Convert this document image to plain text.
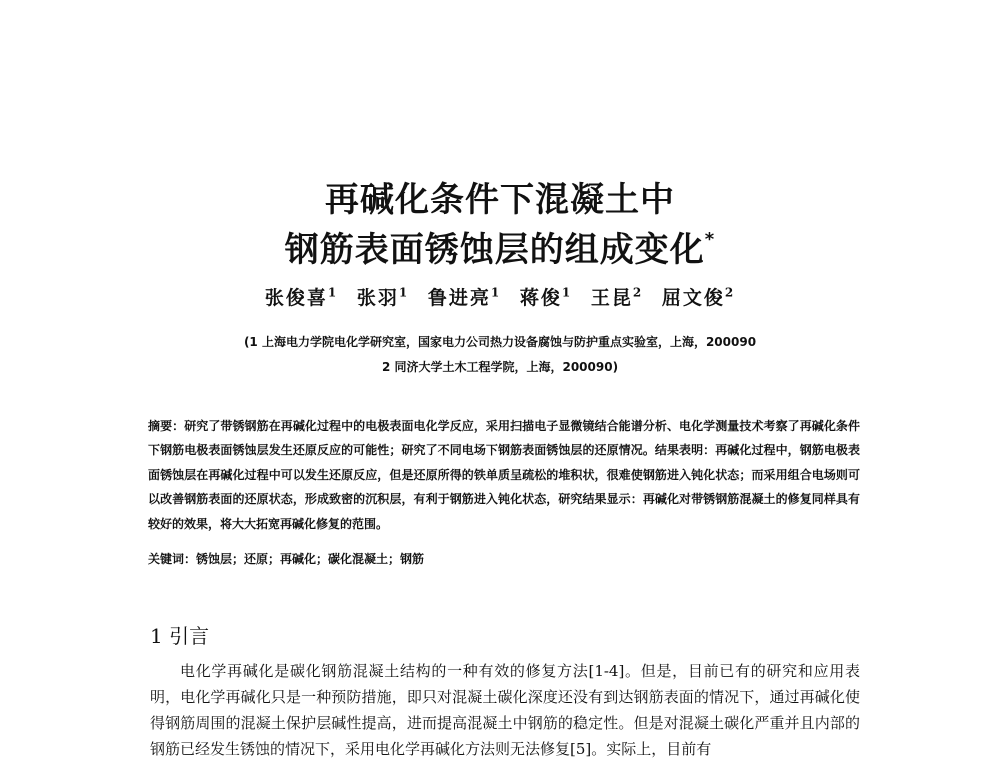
再碱化条件下混凝土中
钢筋表面锈蚀层的组成变化*
张俊喜$^1$ 张羽$^1$ 鲁进亮$^1$ 蒋俊$^1$ 王昆$^2$ 屈文俊$^2$
(1 上海电力学院电化学研究室，国家电力公司热力设备腐蚀与防护重点实验室，上海，200090
2 同济大学土木工程学院，上海，200090)
摘要：研究了带锈钢筋在再碱化过程中的电极表面电化学反应，采用扫描电子显微镜结合能谱分析、电化学测量技术考察了再碱化条件下钢筋电极表面锈蚀层发生还原反应的可能性；研究了不同电场下钢筋表面锈蚀层的还原情况。结果表明：再碱化过程中，钢筋电极表面锈蚀层在再碱化过程中可以发生还原反应，但是还原所得的铁单质呈疏松的堆积状，很难使钢筋进入钝化状态；而采用组合电场则可以改善钢筋表面的还原状态，形成致密的沉积层，有利于钢筋进入钝化状态，研究结果显示：再碱化对带锈钢筋混凝土的修复同样具有较好的效果，将大大拓宽再碱化修复的范围。
关键词：锈蚀层；还原；再碱化；碳化混凝土；钢筋
1 引言

电化学再碱化是碳化钢筋混凝土结构的一种有效的修复方法[1-4]。但是，目前已有的研究和应用表明，电化学再碱化只是一种预防措施，即只对混凝土碳化深度还没有到达钢筋表面的情况下，通过再碱化使得钢筋周围的混凝土保护层碱性提高，进而提高混凝土中钢筋的稳定性。但是对混凝土碳化严重并且内部的钢筋已经发生锈蚀的情况下，采用电化学再碱化方法则无法修复[5]。实际上，目前有
